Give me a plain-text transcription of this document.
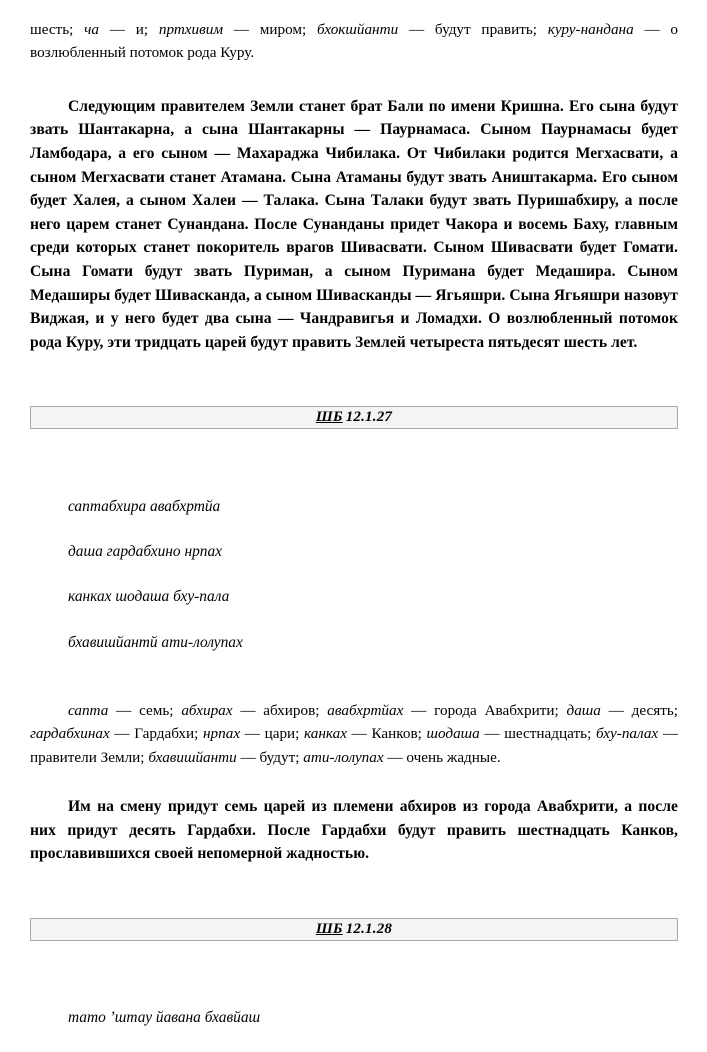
шесть; ча — и; пртхивим — миром; бхокшйанти — будут править; куру-нандана — о возлюбленный потомок рода Куру.

Следующим правителем Земли станет брат Бали по имени Кришна. Его сына будут звать Шантакарна, а сына Шантакарны — Паурнамаса. Сыном Паурнамасы будет Ламбодара, а его сыном — Махараджа Чибилака. От Чибилаки родится Мегхасвати, а сыном Мегхасвати станет Атамана. Сына Атаманы будут звать Аништакарма. Его сыном будет Халея, а сыном Халеи — Талака. Сына Талаки будут звать Пуришабхиру, а после него царем станет Сунандана. После Сунанданы придет Чакора и восемь Баху, главным среди которых станет покоритель врагов Шивасвати. Сыном Шивасвати будет Гомати. Сына Гомати будут звать Пуриман, а сыном Пуримана будет Медашира. Сыном Медаширы будет Шивасканда, а сыном Шивасканды — Ягьяшри. Сына Ягьяшри назовут Виджая, и у него будет два сына — Чандравигья и Ломадхи. О возлюбленный потомок рода Куру, эти тридцать царей будут править Землей четыреста пятьдесят шесть лет.

ШБ 12.1.27

саптабхира авабхртйа

даша гардабхино нрпах

канках шодаша бху-пала

бхавишйантй ати-лолупах

сапта — семь; абхирах — абхиров; авабхртйах — города Авабхрити; даша — десять; гардабхинах — Гардабхи; нрпах — цари; канках — Канков; шодаша — шестнадцать; бху-палах — правители Земли; бхавишйанти — будут; ати-лолупах — очень жадные.

Им на смену придут семь царей из племени абхиров из города Авабхрити, а после них придут десять Гардабхи. После Гардабхи будут править шестнадцать Канков, прославившихся своей непомерной жадностью.

ШБ 12.1.28

тато ’штау йавана бхавйаш
